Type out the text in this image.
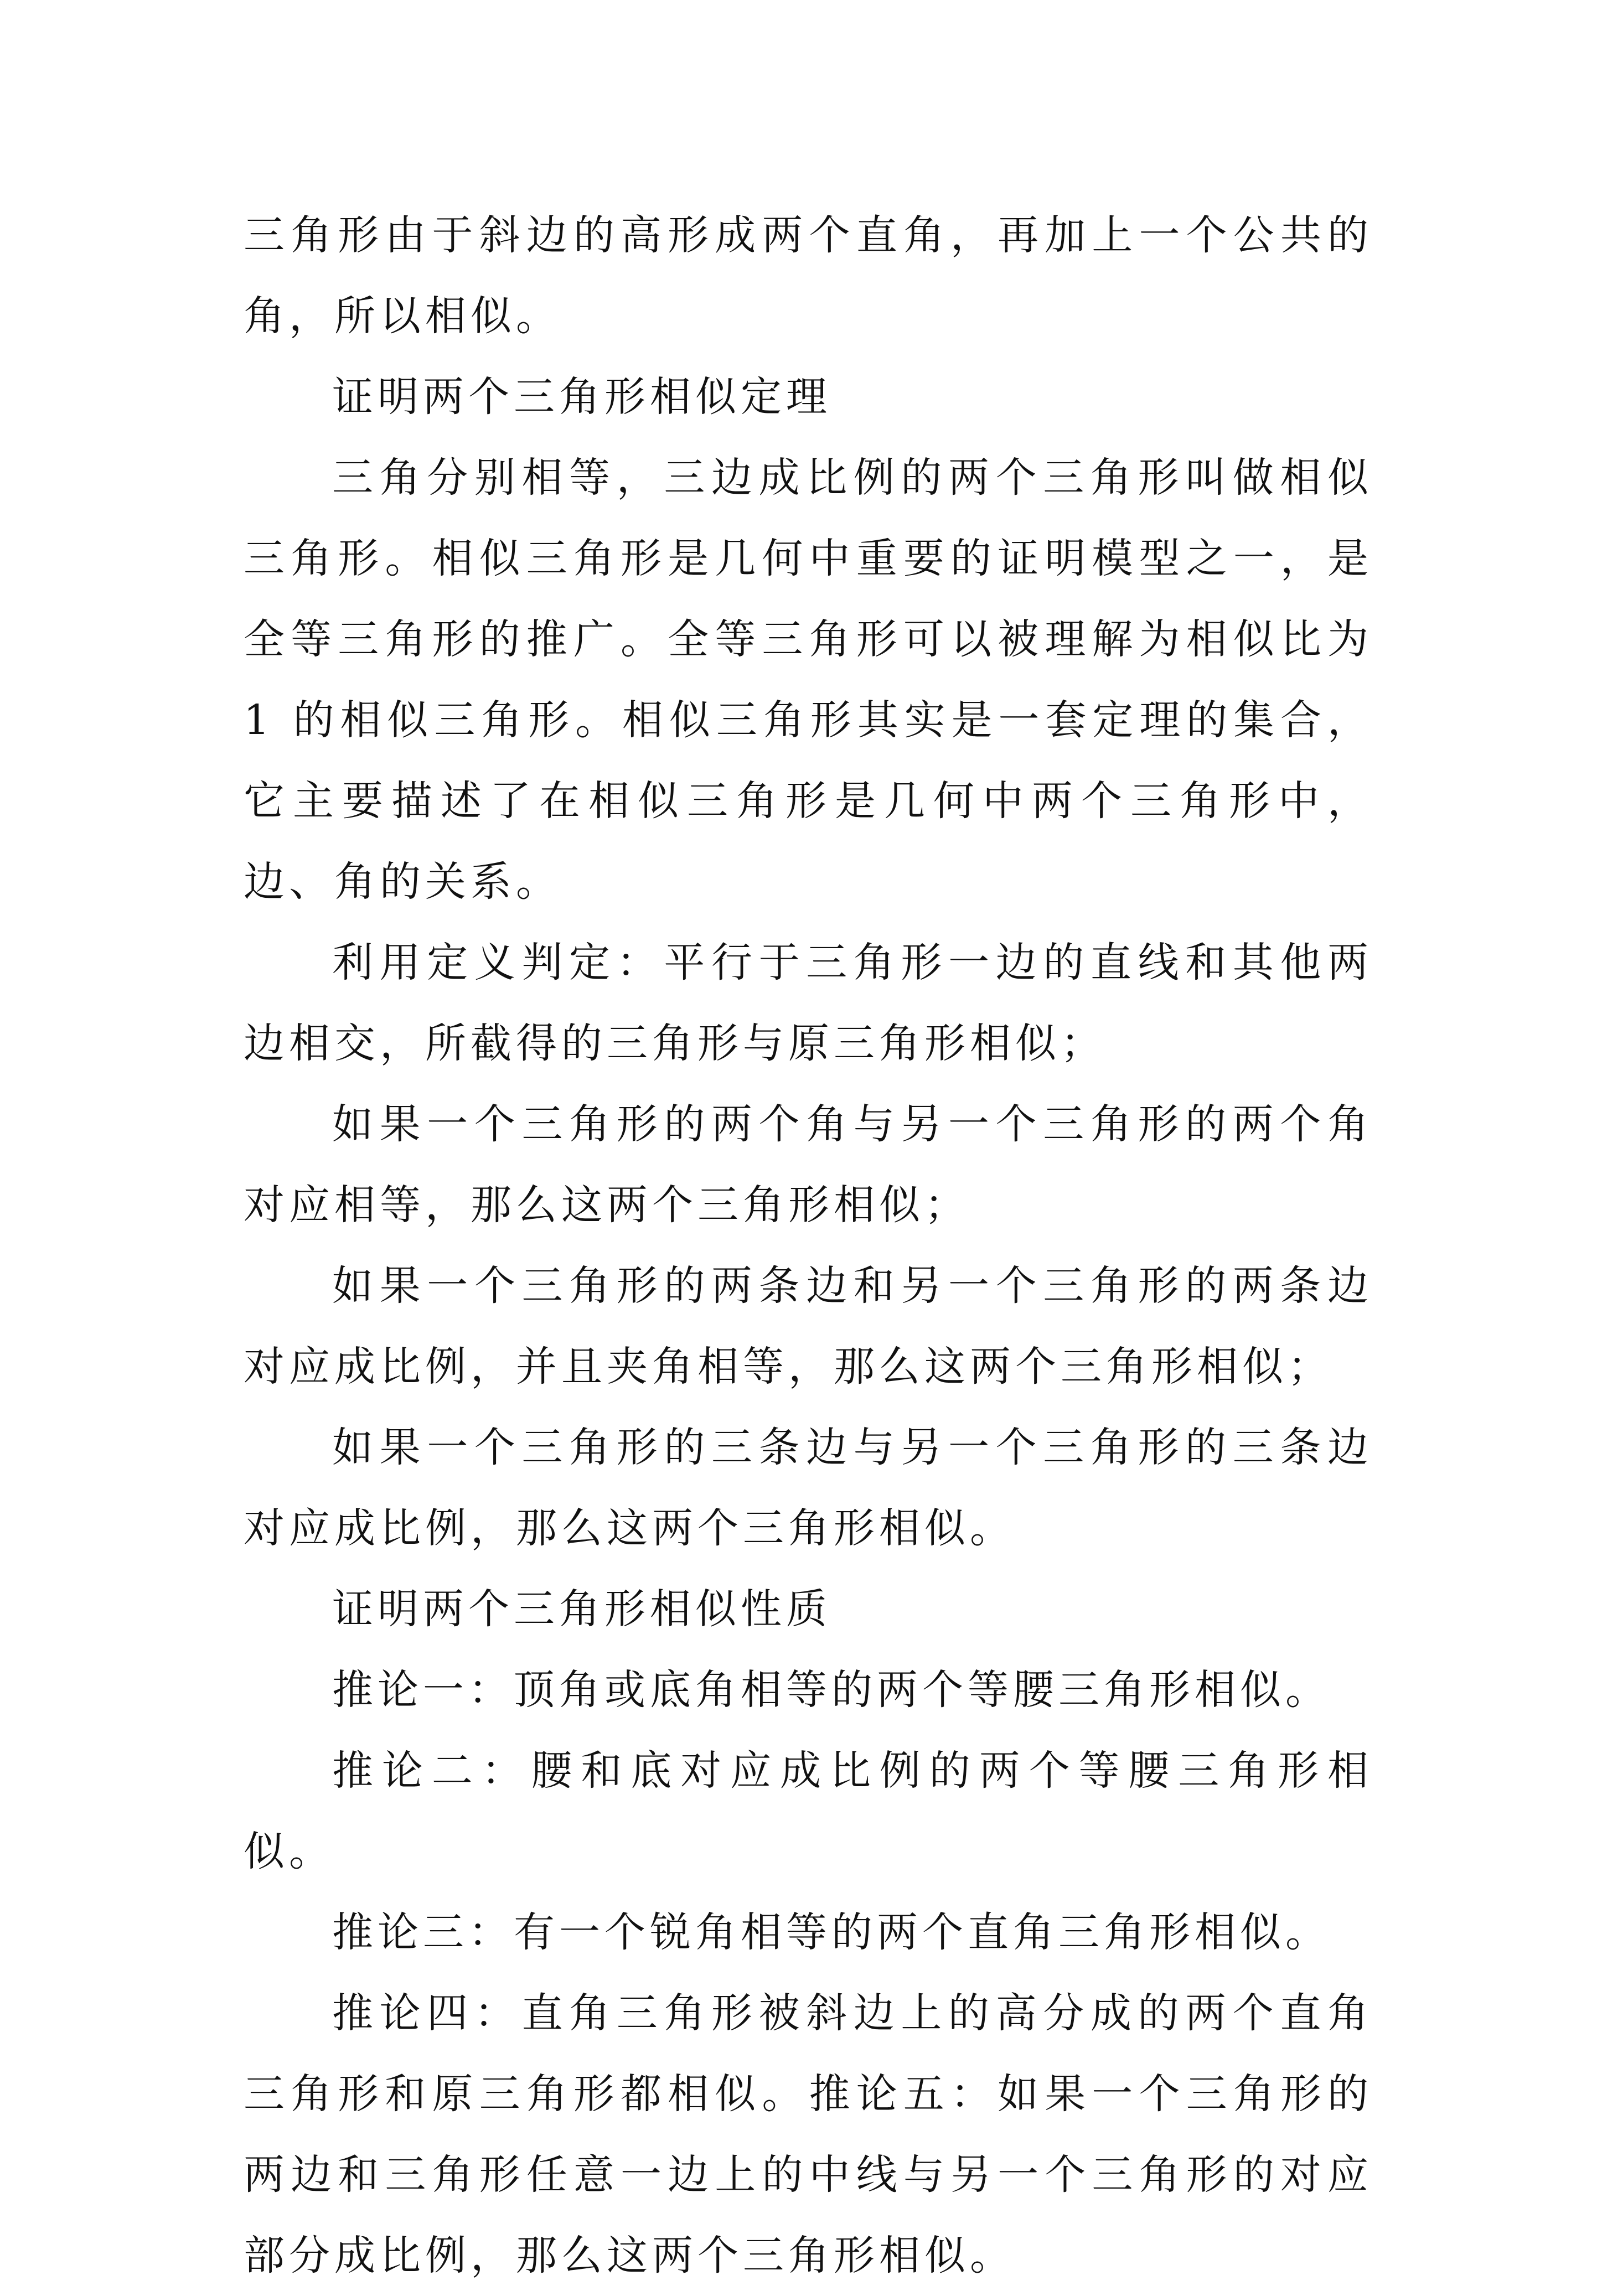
三角形由于斜边的高形成两个直角，再加上一个公共的角，所以相似。

证明两个三角形相似定理

三角分别相等，三边成比例的两个三角形叫做相似三角形。相似三角形是几何中重要的证明模型之一，是全等三角形的推广。全等三角形可以被理解为相似比为 1 的相似三角形。相似三角形其实是一套定理的集合，它主要描述了在相似三角形是几何中两个三角形中，边、角的关系。

利用定义判定：平行于三角形一边的直线和其他两边相交，所截得的三角形与原三角形相似；

如果一个三角形的两个角与另一个三角形的两个角对应相等，那么这两个三角形相似；

如果一个三角形的两条边和另一个三角形的两条边对应成比例，并且夹角相等，那么这两个三角形相似；

如果一个三角形的三条边与另一个三角形的三条边对应成比例，那么这两个三角形相似。

证明两个三角形相似性质

推论一：顶角或底角相等的两个等腰三角形相似。

推论二：腰和底对应成比例的两个等腰三角形相似。

推论三：有一个锐角相等的两个直角三角形相似。

推论四：直角三角形被斜边上的高分成的两个直角三角形和原三角形都相似。推论五：如果一个三角形的两边和三角形任意一边上的中线与另一个三角形的对应部分成比例，那么这两个三角形相似。
